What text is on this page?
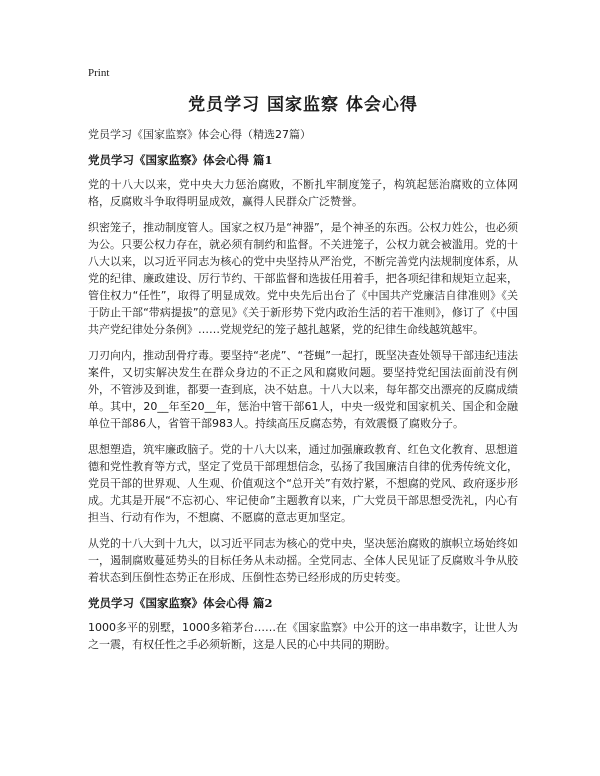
Print
党员学习 国家监察 体会心得
党员学习《国家监察》体会心得（精选27篇）
党员学习《国家监察》体会心得 篇1

党的十八大以来，党中央大力惩治腐败，不断扎牢制度笼子，构筑起惩治腐败的立体网格，反腐败斗争取得明显成效，赢得人民群众广泛赞誉。

织密笼子，推动制度管人。国家之权乃是“神器”，是个神圣的东西。公权力姓公，也必须为公。只要公权力存在，就必须有制约和监督。不关进笼子，公权力就会被滥用。党的十八大以来，以习近平同志为核心的党中央坚持从严治党，不断完善党内法规制度体系，从党的纪律、廉政建设、厉行节约、干部监督和选拔任用着手，把各项纪律和规矩立起来，管住权力“任性”，取得了明显成效。党中央先后出台了《中国共产党廉洁自律准则》《关于防止干部“带病提拔”的意见》《关于新形势下党内政治生活的若干准则》，修订了《中国共产党纪律处分条例》……党规党纪的笼子越扎越紧，党的纪律生命线越筑越牢。

刀刃向内，推动刮骨疗毒。要坚持“老虎”、“苍蝇”一起打，既坚决查处领导干部违纪违法案件，又切实解决发生在群众身边的不正之风和腐败问题。要坚持党纪国法面前没有例外，不管涉及到谁，都要一查到底，决不姑息。十八大以来，每年都交出漂亮的反腐成绩单。其中，20__年至20__年，惩治中管干部61人，中央一级党和国家机关、国企和金融单位干部86人，省管干部983人。持续高压反腐态势，有效震慑了腐败分子。

思想塑造，筑牢廉政脑子。党的十八大以来，通过加强廉政教育、红色文化教育、思想道德和党性教育等方式，坚定了党员干部理想信念，弘扬了我国廉洁自律的优秀传统文化，党员干部的世界观、人生观、价值观这个“总开关”有效拧紧，不想腐的党风、政府逐步形成。尤其是开展“不忘初心、牢记使命”主题教育以来，广大党员干部思想受洗礼，内心有担当、行动有作为，不想腐、不愿腐的意志更加坚定。

从党的十八大到十九大，以习近平同志为核心的党中央，坚决惩治腐败的旗帜立场始终如一，遏制腐败蔓延势头的目标任务从未动摇。全党同志、全体人民见证了反腐败斗争从胶着状态到压倒性态势正在形成、压倒性态势已经形成的历史转变。

党员学习《国家监察》体会心得 篇2

1000多平的别墅，1000多箱茅台……在《国家监察》中公开的这一串串数字，让世人为之一震，有权任性之手必须斩断，这是人民的心中共同的期盼。
